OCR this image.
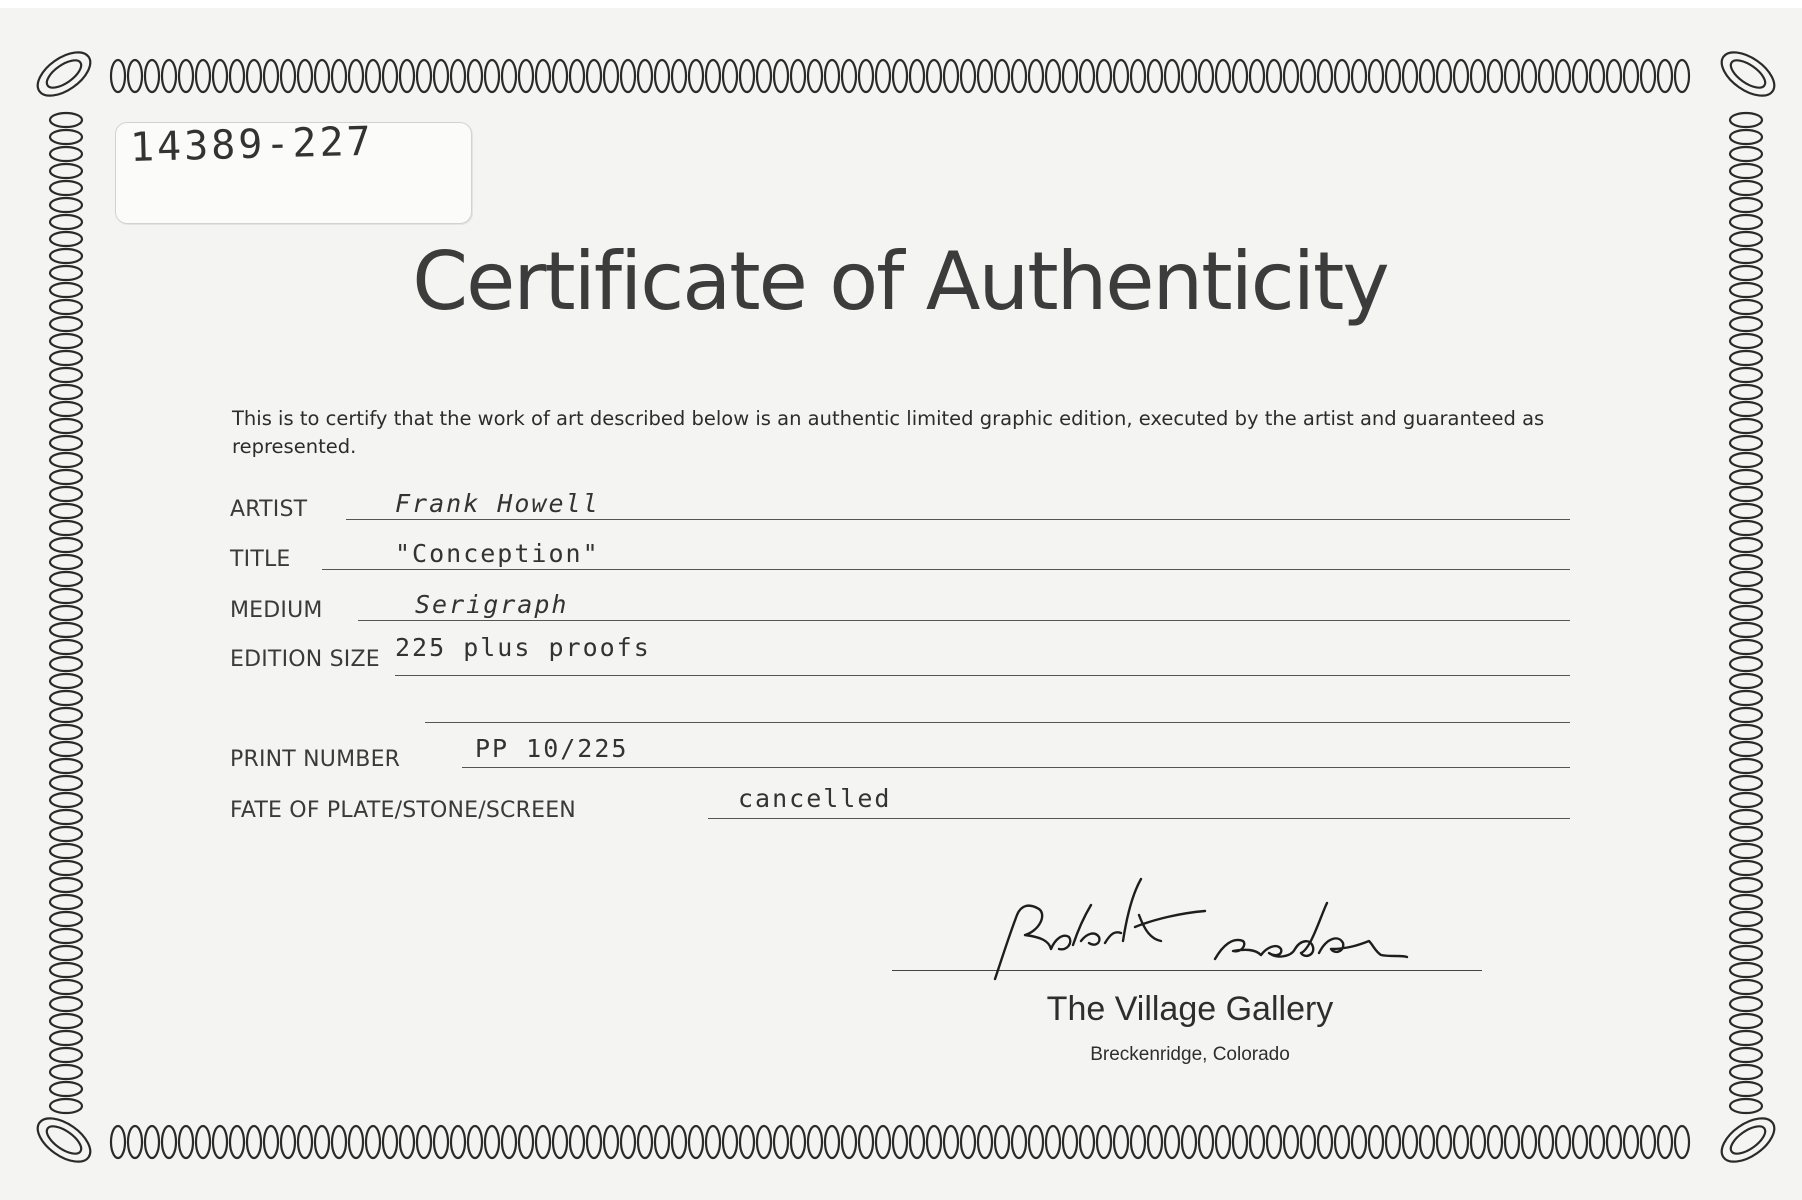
14389-227
Certificate of Authenticity
This is to certify that the work of art described below is an authentic limited graphic edition, executed by the artist and guaranteed as represented.
ARTIST	Frank Howell
TITLE	"Conception"
MEDIUM	Serigraph
EDITION SIZE 225 plus proofs
PRINT NUMBER	PP 10/225
FATE OF PLATE/STONE/SCREEN	cancelled
The Village Gallery
Breckenridge, Colorado
